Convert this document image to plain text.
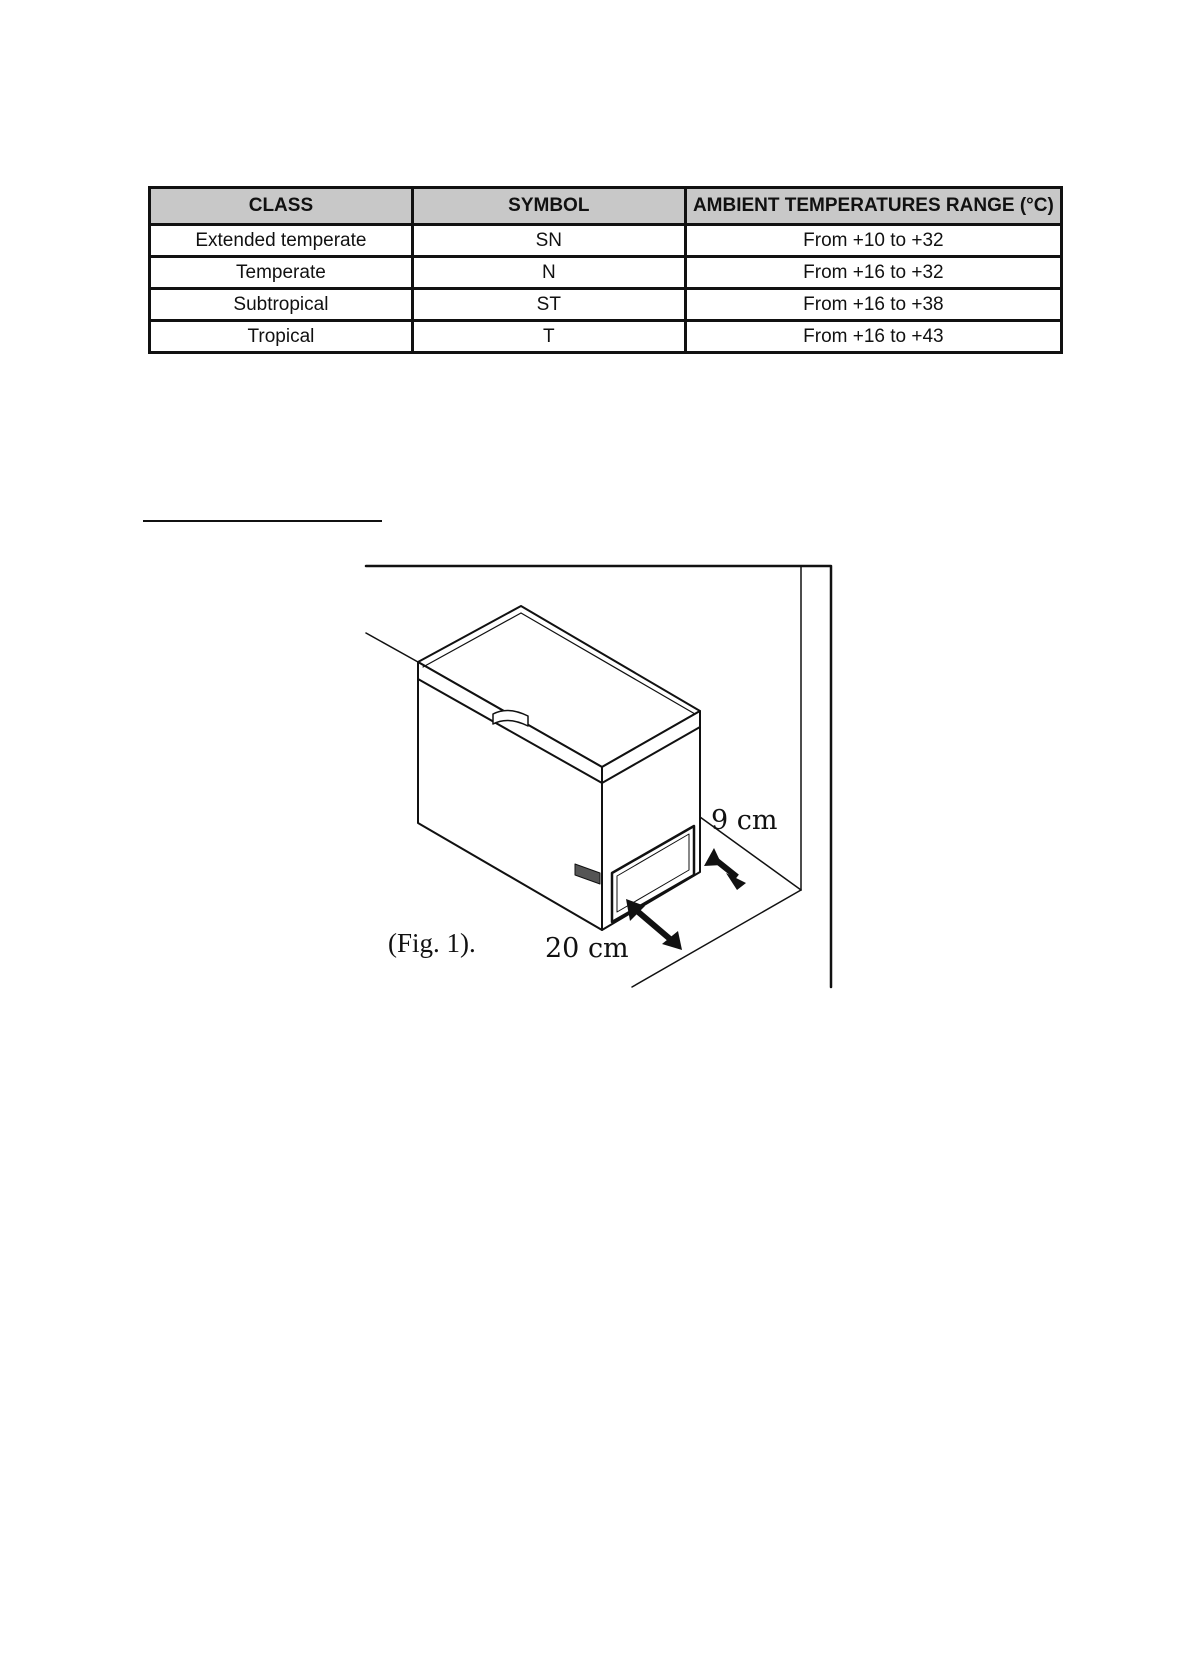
CLASS	SYMBOL	AMBIENT TEMPERATURES RANGE (°C)
Extended temperate	SN	From +10 to +32
Temperate	N	From +16 to +32
Subtropical	ST	From +16 to +38
Tropical	T	From +16 to +43
(Fig. 1).
9 cm
20 cm
